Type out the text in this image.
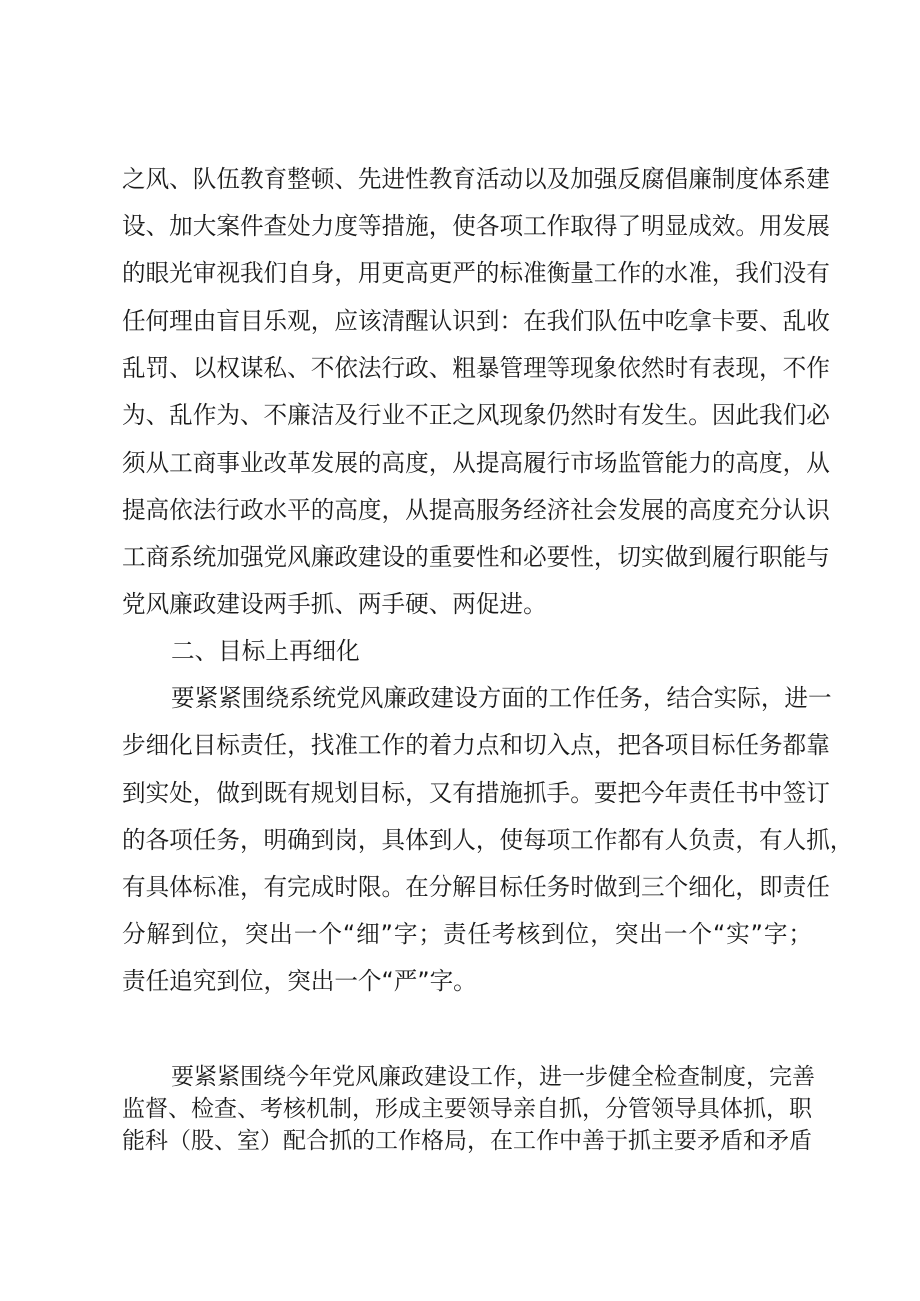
之风、队伍教育整顿、先进性教育活动以及加强反腐倡廉制度体系建
设、加大案件查处力度等措施，使各项工作取得了明显成效。用发展
的眼光审视我们自身，用更高更严的标准衡量工作的水准，我们没有
任何理由盲目乐观，应该清醒认识到：在我们队伍中吃拿卡要、乱收
乱罚、以权谋私、不依法行政、粗暴管理等现象依然时有表现，不作
为、乱作为、不廉洁及行业不正之风现象仍然时有发生。因此我们必
须从工商事业改革发展的高度，从提高履行市场监管能力的高度，从
提高依法行政水平的高度，从提高服务经济社会发展的高度充分认识
工商系统加强党风廉政建设的重要性和必要性，切实做到履行职能与
党风廉政建设两手抓、两手硬、两促进。
二、目标上再细化
要紧紧围绕系统党风廉政建设方面的工作任务，结合实际，进一
步细化目标责任，找准工作的着力点和切入点，把各项目标任务都靠
到实处，做到既有规划目标，又有措施抓手。要把今年责任书中签订
的各项任务，明确到岗，具体到人，使每项工作都有人负责，有人抓，
有具体标准，有完成时限。在分解目标任务时做到三个细化，即责任
分解到位，突出一个“细”字；责任考核到位，突出一个“实”字；
责任追究到位，突出一个“严”字。
要紧紧围绕今年党风廉政建设工作，进一步健全检查制度，完善
监督、检查、考核机制，形成主要领导亲自抓，分管领导具体抓，职
能科（股、室）配合抓的工作格局，在工作中善于抓主要矛盾和矛盾
